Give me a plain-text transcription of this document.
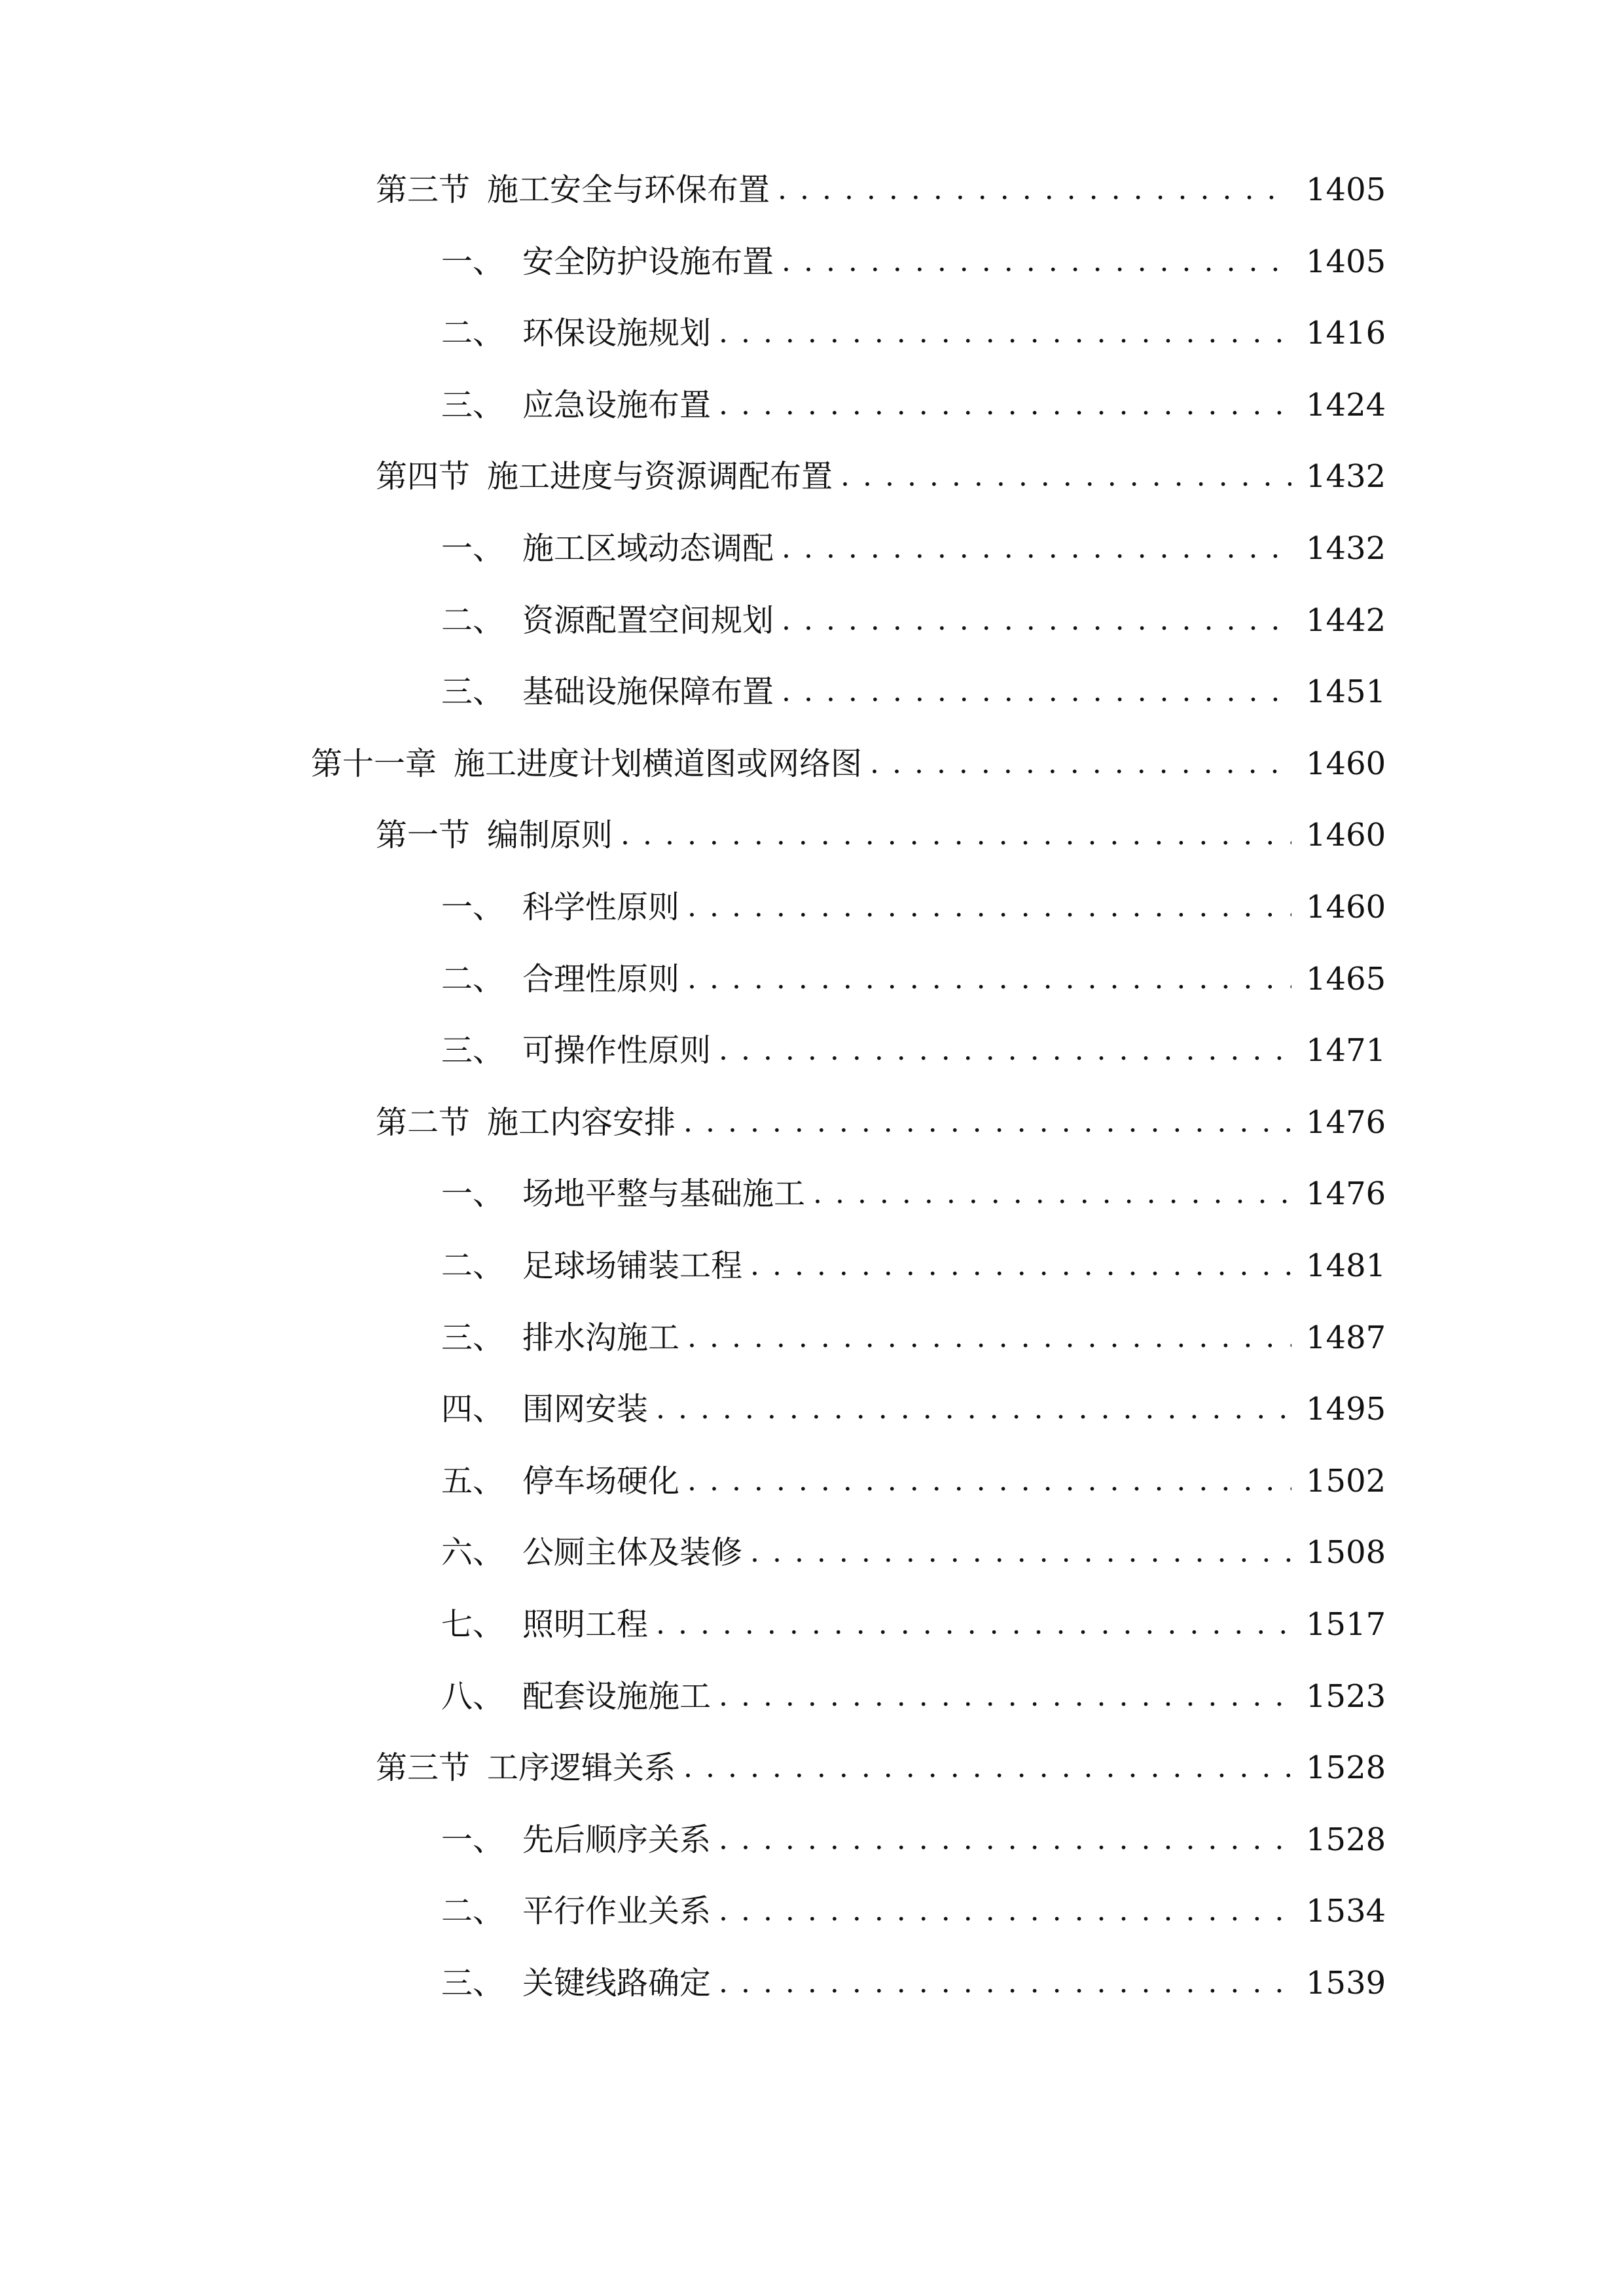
第三节 施工安全与环保布置 . . .	1405
一、 安全防护设施布置 . . .	1405
二、 环保设施规划 . . .	1416
三、 应急设施布置 . . .	1424
第四节 施工进度与资源调配布置 . . .	1432
一、 施工区域动态调配 . . .	1432
二、 资源配置空间规划 . . .	1442
三、 基础设施保障布置 . . .	1451
第十一章 施工进度计划横道图或网络图 . . .	1460
第一节 编制原则 . . .	1460
一、 科学性原则 . . .	1460
二、 合理性原则 . . .	1465
三、 可操作性原则 . . .	1471
第二节 施工内容安排 . . .	1476
一、 场地平整与基础施工 . . .	1476
二、 足球场铺装工程 . . .	1481
三、 排水沟施工 . . .	1487
四、 围网安装 . . .	1495
五、 停车场硬化 . . .	1502
六、 公厕主体及装修 . . .	1508
七、 照明工程 . . .	1517
八、 配套设施施工 . . .	1523
第三节 工序逻辑关系 . . .	1528
一、 先后顺序关系 . . .	1528
二、 平行作业关系 . . .	1534
三、 关键线路确定 . . .	1539
